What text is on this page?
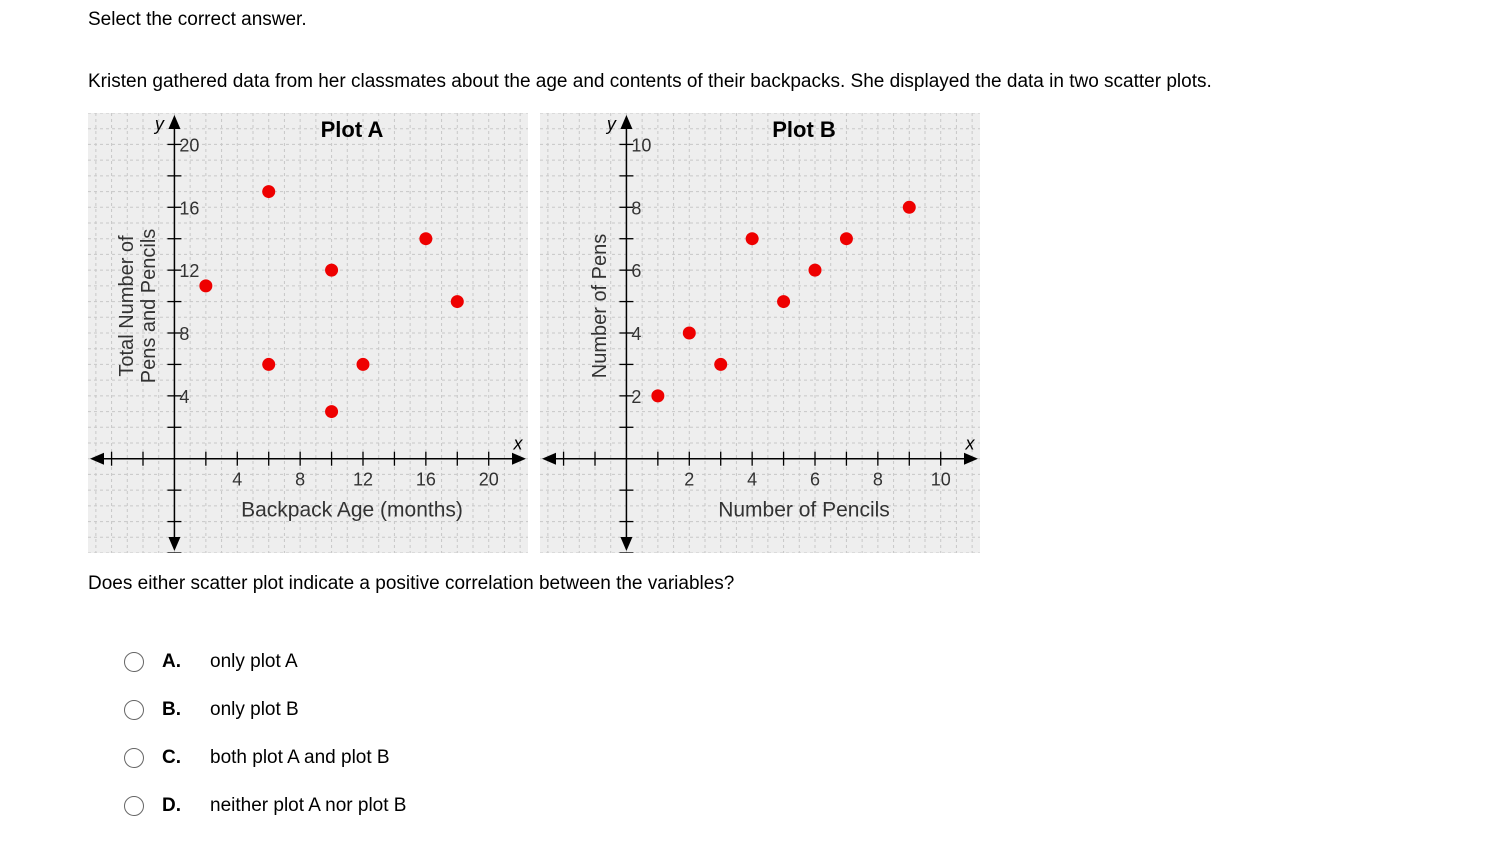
Select the correct answer.
Kristen gathered data from her classmates about the age and contents of their backpacks. She displayed the data in two scatter plots.
4	8	12 16 20
4
8
12
16
20
x
y	Plot A
Backpack Age (months)
Total Number of Pens and Pencils
2	4	6	8	10
2
4
6
8
10
x
y	Plot B
Number of Pencils
Number of Pens
Does either scatter plot indicate a positive correlation between the variables?
A.	only plot A
B.	only plot B
C.	both plot A and plot B
D.	neither plot A nor plot B
